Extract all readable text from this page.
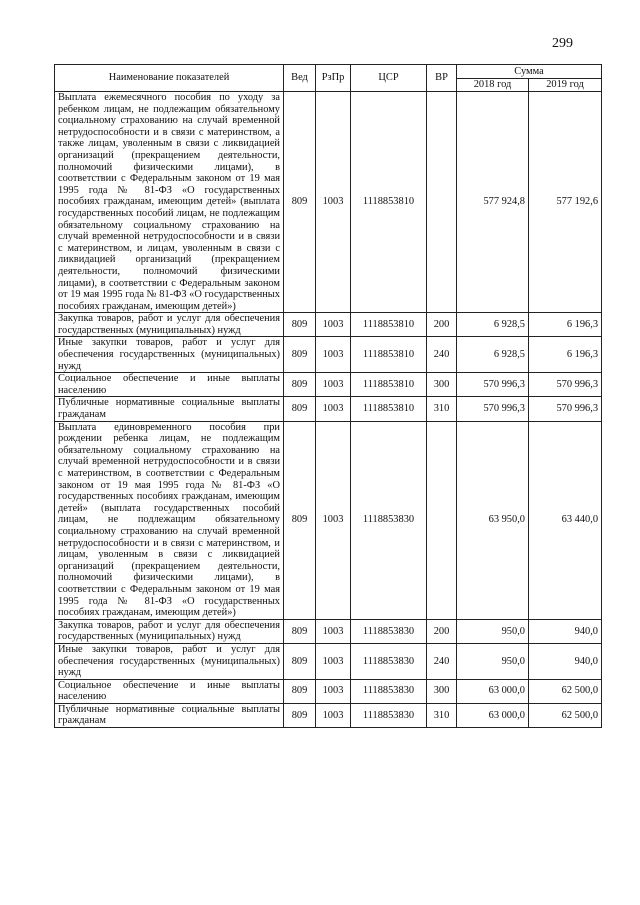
299
Наименование показателей	Вед	РзПр	ЦСР	ВР	Сумма	
					2018 год	2019 год
Выплата ежемесячного пособия по уходу за ребенком лицам, не подлежащим обязательному социальному страхованию на случай временной нетрудоспособности и в связи с материнством, а также лицам, уволенным в связи с ликвидацией организаций (прекращением деятельности, полномочий физическими лицами), в соответствии с Федеральным законом от 19 мая 1995 года № 81-ФЗ «О государственных пособиях гражданам, имеющим детей» (выплата государственных пособий лицам, не подлежащим обязательному социальному страхованию на случай временной нетрудоспособности и в связи с материнством, и лицам, уволенным в связи с ликвидацией организаций (прекращением деятельности, полномочий физическими лицами), в соответствии с Федеральным законом от 19 мая 1995 года № 81-ФЗ «О государственных пособиях гражданам, имеющим детей»)	809	1003	1118853810		577 924,8	577 192,6
Закупка товаров, работ и услуг для обеспечения государственных (муниципальных) нужд	809	1003	1118853810	200	6 928,5	6 196,3
Иные закупки товаров, работ и услуг для обеспечения государственных (муниципальных) нужд	809	1003	1118853810	240	6 928,5	6 196,3
Социальное обеспечение и иные выплаты населению	809	1003	1118853810	300	570 996,3	570 996,3
Публичные нормативные социальные выплаты гражданам	809	1003	1118853810	310	570 996,3	570 996,3
Выплата единовременного пособия при рождении ребенка лицам, не подлежащим обязательному социальному страхованию на случай временной нетрудоспособности и в связи с материнством, в соответствии с Федеральным законом от 19 мая 1995 года № 81-ФЗ «О государственных пособиях гражданам, имеющим детей» (выплата государственных пособий лицам, не подлежащим обязательному социальному страхованию на случай временной нетрудоспособности и в связи с материнством, и лицам, уволенным в связи с ликвидацией организаций (прекращением деятельности, полномочий физическими лицами), в соответствии с Федеральным законом от 19 мая 1995 года № 81-ФЗ «О государственных пособиях гражданам, имеющим детей»)	809	1003	1118853830		63 950,0	63 440,0
Закупка товаров, работ и услуг для обеспечения государственных (муниципальных) нужд	809	1003	1118853830	200	950,0	940,0
Иные закупки товаров, работ и услуг для обеспечения государственных (муниципальных) нужд	809	1003	1118853830	240	950,0	940,0
Социальное обеспечение и иные выплаты населению	809	1003	1118853830	300	63 000,0	62 500,0
Публичные нормативные социальные выплаты гражданам	809	1003	1118853830	310	63 000,0	62 500,0
